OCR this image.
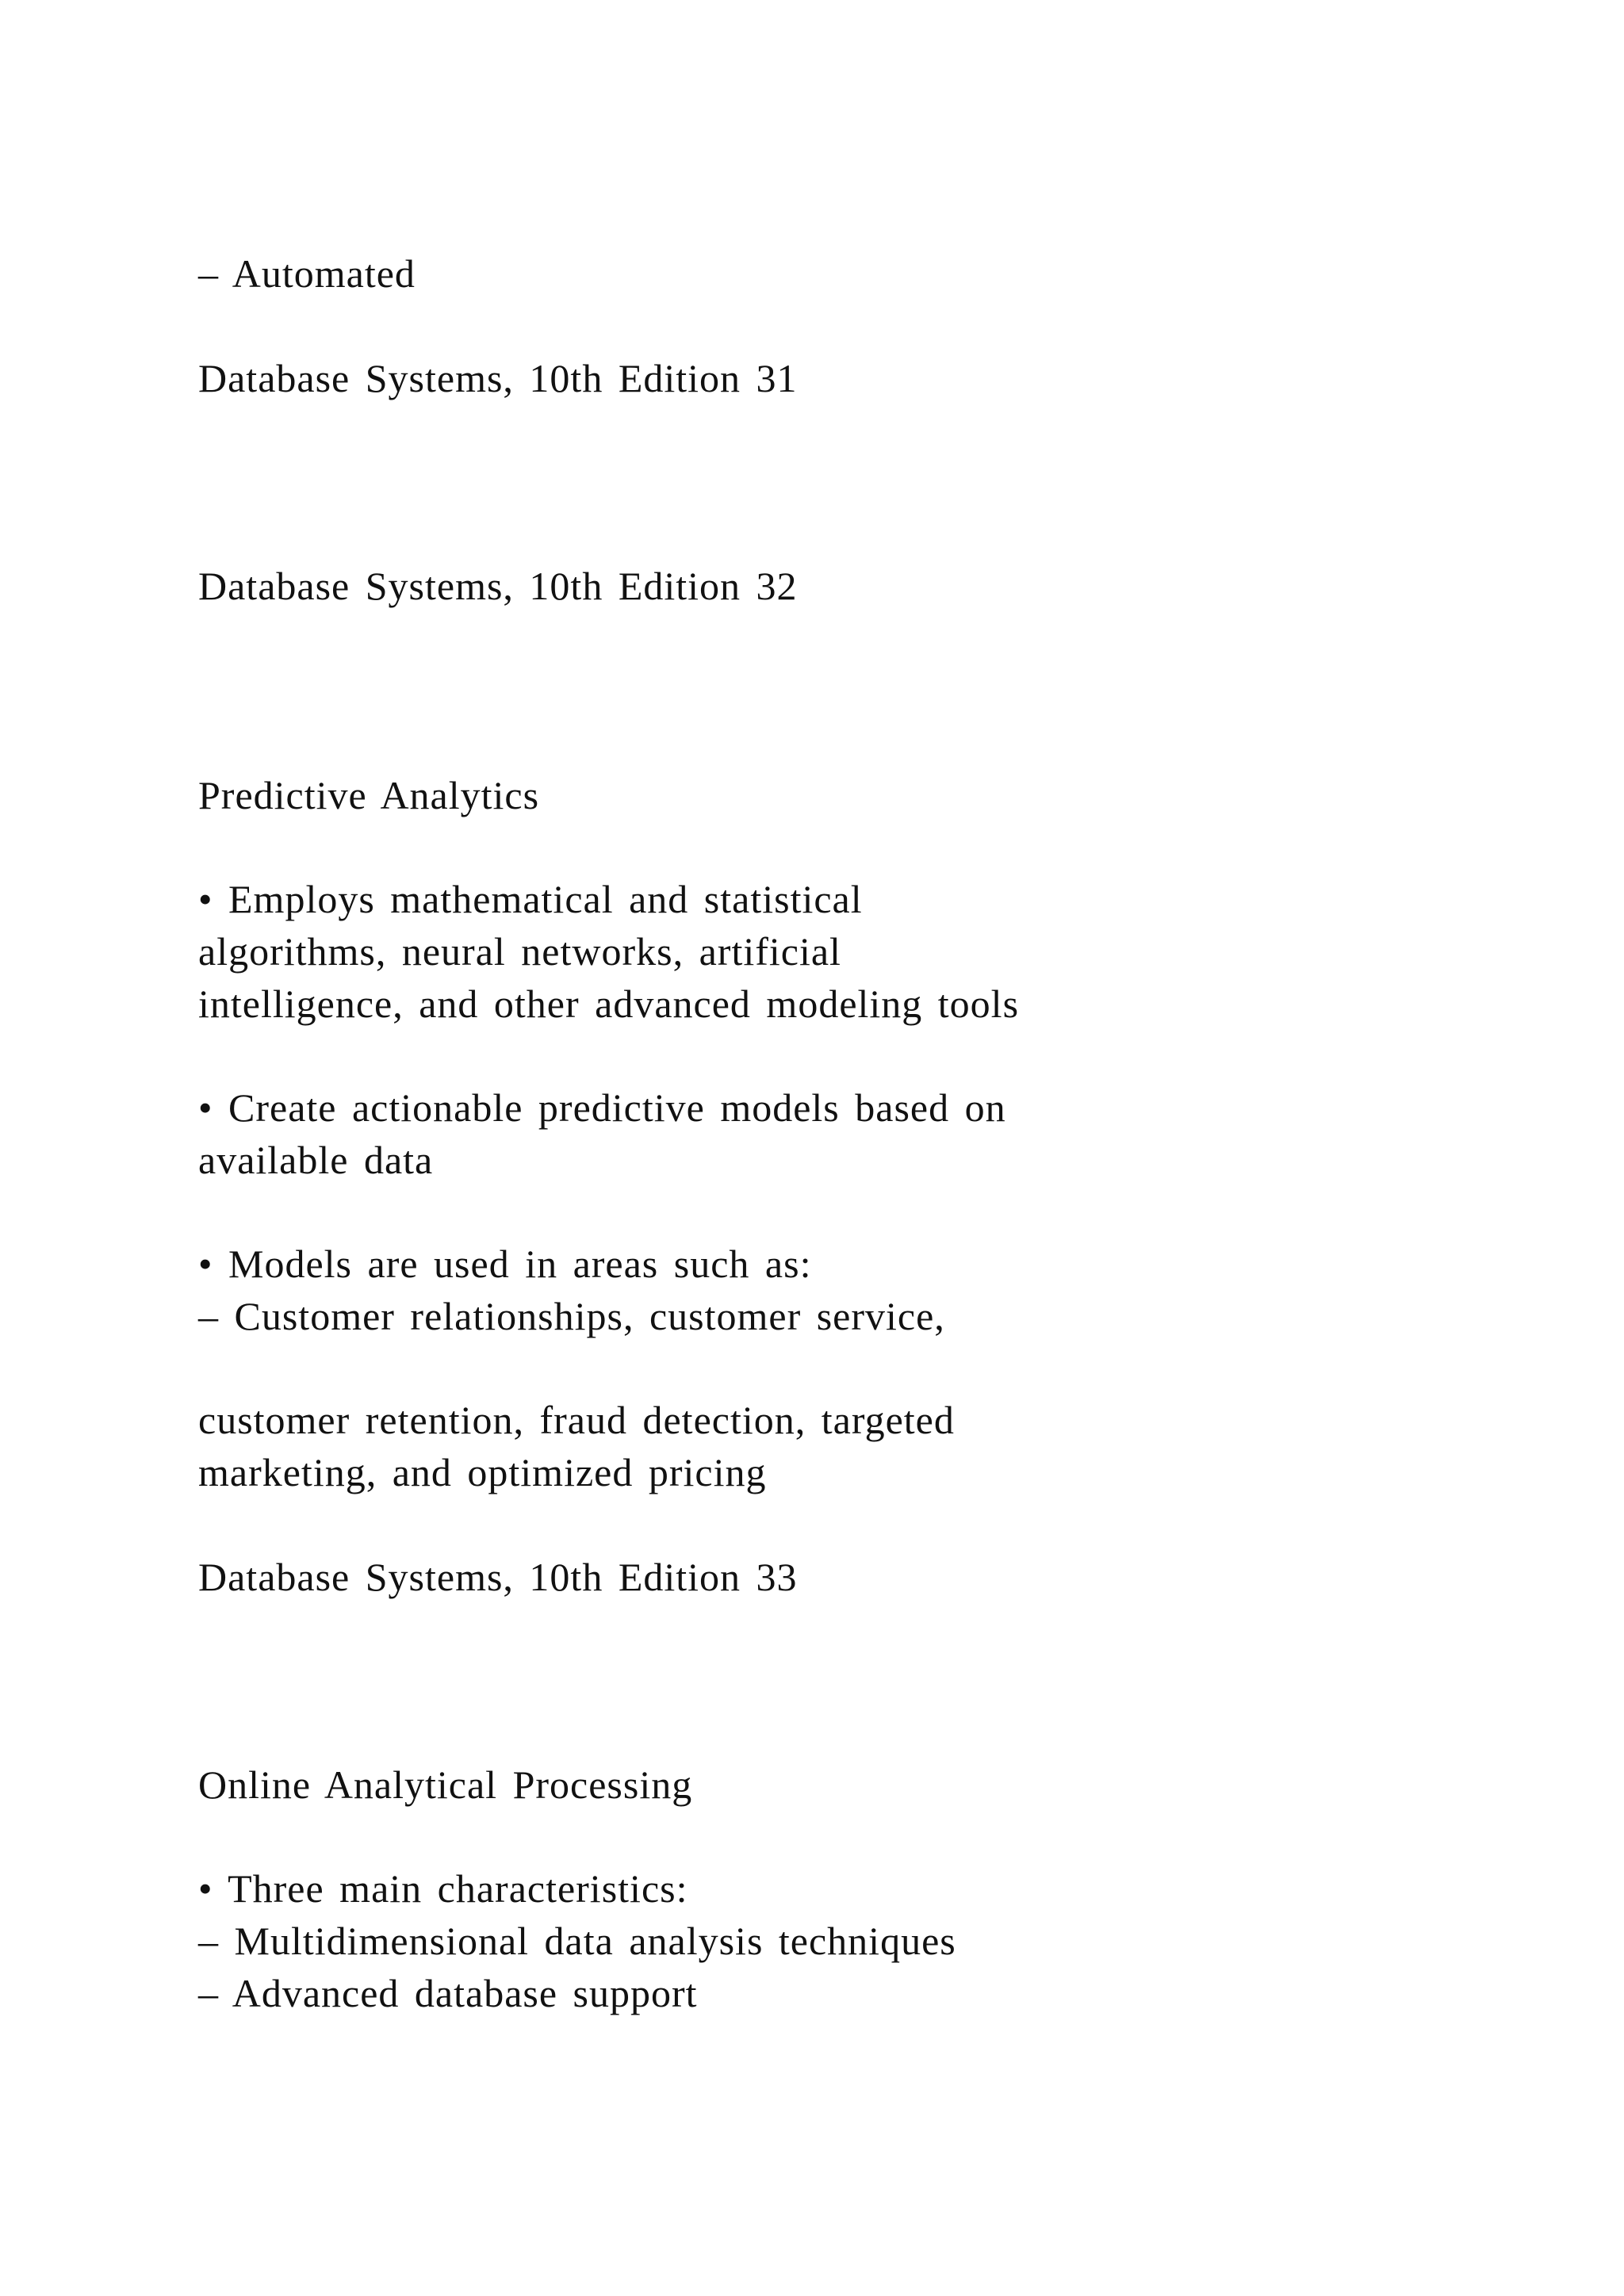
– Automated
Database Systems, 10th Edition 31
Database Systems, 10th Edition 32
Predictive Analytics
• Employs mathematical and statistical
algorithms, neural networks, artificial
intelligence, and other advanced modeling tools
• Create actionable predictive models based on
available data
• Models are used in areas such as:
– Customer relationships, customer service,
customer retention, fraud detection, targeted
marketing, and optimized pricing
Database Systems, 10th Edition 33
Online Analytical Processing
• Three main characteristics:
– Multidimensional data analysis techniques
– Advanced database support
